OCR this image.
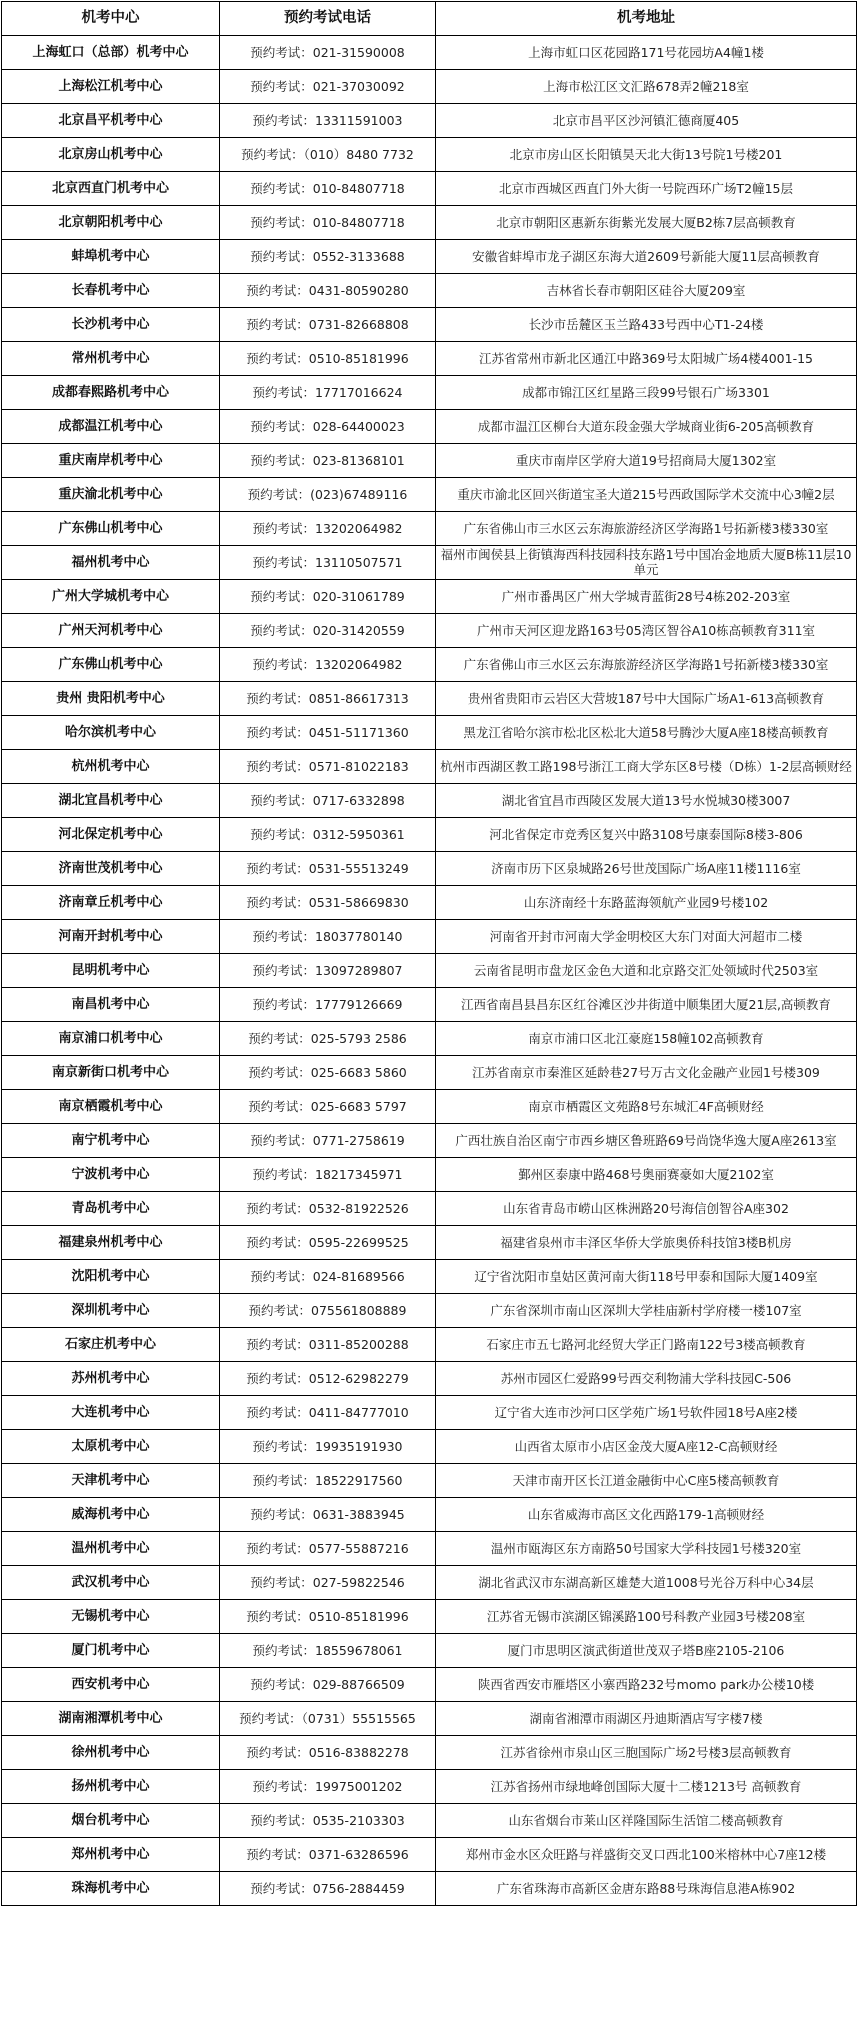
机考中心	预约考试电话	机考地址
上海虹口（总部）机考中心	预约考试：021-31590008	上海市虹口区花园路171号花园坊A4幢1楼
上海松江机考中心	预约考试：021-37030092	上海市松江区文汇路678弄2幢218室
北京昌平机考中心	预约考试：13311591003	北京市昌平区沙河镇汇德商厦405
北京房山机考中心	预约考试：（010）8480 7732	北京市房山区长阳镇昊天北大街13号院1号楼201
北京西直门机考中心	预约考试：010-84807718	北京市西城区西直门外大街一号院西环广场T2幢15层
北京朝阳机考中心	预约考试：010-84807718	北京市朝阳区惠新东街紫光发展大厦B2栋7层高顿教育
蚌埠机考中心	预约考试：0552-3133688	安徽省蚌埠市龙子湖区东海大道2609号新能大厦11层高顿教育
长春机考中心	预约考试：0431-80590280	吉林省长春市朝阳区硅谷大厦209室
长沙机考中心	预约考试：0731-82668808	长沙市岳麓区玉兰路433号西中心T1-24楼
常州机考中心	预约考试：0510-85181996	江苏省常州市新北区通江中路369号太阳城广场4楼4001-15
成都春熙路机考中心	预约考试：17717016624	成都市锦江区红星路三段99号银石广场3301
成都温江机考中心	预约考试：028-64400023	成都市温江区柳台大道东段金强大学城商业街6-205高顿教育
重庆南岸机考中心	预约考试：023-81368101	重庆市南岸区学府大道19号招商局大厦1302室
重庆渝北机考中心	预约考试：(023)67489116	重庆市渝北区回兴街道宝圣大道215号西政国际学术交流中心3幢2层
广东佛山机考中心	预约考试：13202064982	广东省佛山市三水区云东海旅游经济区学海路1号拓新楼3楼330室
福州机考中心	预约考试：13110507571	福州市闽侯县上街镇海西科技园科技东路1号中国冶金地质大厦B栋11层10单元
广州大学城机考中心	预约考试：020-31061789	广州市番禺区广州大学城青蓝街28号4栋202-203室
广州天河机考中心	预约考试：020-31420559	广州市天河区迎龙路163号05湾区智谷A10栋高顿教育311室
广东佛山机考中心	预约考试：13202064982	广东省佛山市三水区云东海旅游经济区学海路1号拓新楼3楼330室
贵州 贵阳机考中心	预约考试：0851-86617313	贵州省贵阳市云岩区大营坡187号中大国际广场A1-613高顿教育
哈尔滨机考中心	预约考试：0451-51171360	黑龙江省哈尔滨市松北区松北大道58号腾沙大厦A座18楼高顿教育
杭州机考中心	预约考试：0571-81022183	杭州市西湖区教工路198号浙江工商大学东区8号楼（D栋）1-2层高顿财经
湖北宜昌机考中心	预约考试：0717-6332898	湖北省宜昌市西陵区发展大道13号水悦城30楼3007
河北保定机考中心	预约考试：0312-5950361	河北省保定市竞秀区复兴中路3108号康泰国际8楼3-806
济南世茂机考中心	预约考试：0531-55513249	济南市历下区泉城路26号世茂国际广场A座11楼1116室
济南章丘机考中心	预约考试：0531-58669830	山东济南经十东路蓝海领航产业园9号楼102
河南开封机考中心	预约考试：18037780140	河南省开封市河南大学金明校区大东门对面大河超市二楼
昆明机考中心	预约考试：13097289807	云南省昆明市盘龙区金色大道和北京路交汇处领域时代2503室
南昌机考中心	预约考试：17779126669	江西省南昌县昌东区红谷滩区沙井街道中顺集团大厦21层,高顿教育
南京浦口机考中心	预约考试：025-5793 2586	南京市浦口区北江豪庭158幢102高顿教育
南京新街口机考中心	预约考试：025-6683 5860	江苏省南京市秦淮区延龄巷27号万古文化金融产业园1号楼309
南京栖霞机考中心	预约考试：025-6683 5797	南京市栖霞区文苑路8号东城汇4F高顿财经
南宁机考中心	预约考试：0771-2758619	广西壮族自治区南宁市西乡塘区鲁班路69号尚饶华逸大厦A座2613室
宁波机考中心	预约考试：18217345971	鄞州区泰康中路468号奥丽赛豪如大厦2102室
青岛机考中心	预约考试：0532-81922526	山东省青岛市崂山区株洲路20号海信创智谷A座302
福建泉州机考中心	预约考试：0595-22699525	福建省泉州市丰泽区华侨大学旅奥侨科技馆3楼B机房
沈阳机考中心	预约考试：024-81689566	辽宁省沈阳市皇姑区黄河南大街118号甲泰和国际大厦1409室
深圳机考中心	预约考试：075561808889	广东省深圳市南山区深圳大学桂庙新村学府楼一楼107室
石家庄机考中心	预约考试：0311-85200288	石家庄市五七路河北经贸大学正门路南122号3楼高顿教育
苏州机考中心	预约考试：0512-62982279	苏州市园区仁爱路99号西交利物浦大学科技园C-506
大连机考中心	预约考试：0411-84777010	辽宁省大连市沙河口区学苑广场1号软件园18号A座2楼
太原机考中心	预约考试：19935191930	山西省太原市小店区金茂大厦A座12-C高顿财经
天津机考中心	预约考试：18522917560	天津市南开区长江道金融街中心C座5楼高顿教育
威海机考中心	预约考试：0631-3883945	山东省威海市高区文化西路179-1高顿财经
温州机考中心	预约考试：0577-55887216	温州市瓯海区东方南路50号国家大学科技园1号楼320室
武汉机考中心	预约考试：027-59822546	湖北省武汉市东湖高新区雄楚大道1008号光谷万科中心34层
无锡机考中心	预约考试：0510-85181996	江苏省无锡市滨湖区锦溪路100号科教产业园3号楼208室
厦门机考中心	预约考试：18559678061	厦门市思明区演武街道世茂双子塔B座2105-2106
西安机考中心	预约考试：029-88766509	陕西省西安市雁塔区小寨西路232号momo park办公楼10楼
湖南湘潭机考中心	预约考试：（0731）55515565	湖南省湘潭市雨湖区丹迪斯酒店写字楼7楼
徐州机考中心	预约考试：0516-83882278	江苏省徐州市泉山区三胞国际广场2号楼3层高顿教育
扬州机考中心	预约考试：19975001202	江苏省扬州市绿地峰创国际大厦十二楼1213号 高顿教育
烟台机考中心	预约考试：0535-2103303	山东省烟台市莱山区祥隆国际生活馆二楼高顿教育
郑州机考中心	预约考试：0371-63286596	郑州市金水区众旺路与祥盛街交叉口西北100米榕林中心7座12楼
珠海机考中心	预约考试：0756-2884459	广东省珠海市高新区金唐东路88号珠海信息港A栋902
